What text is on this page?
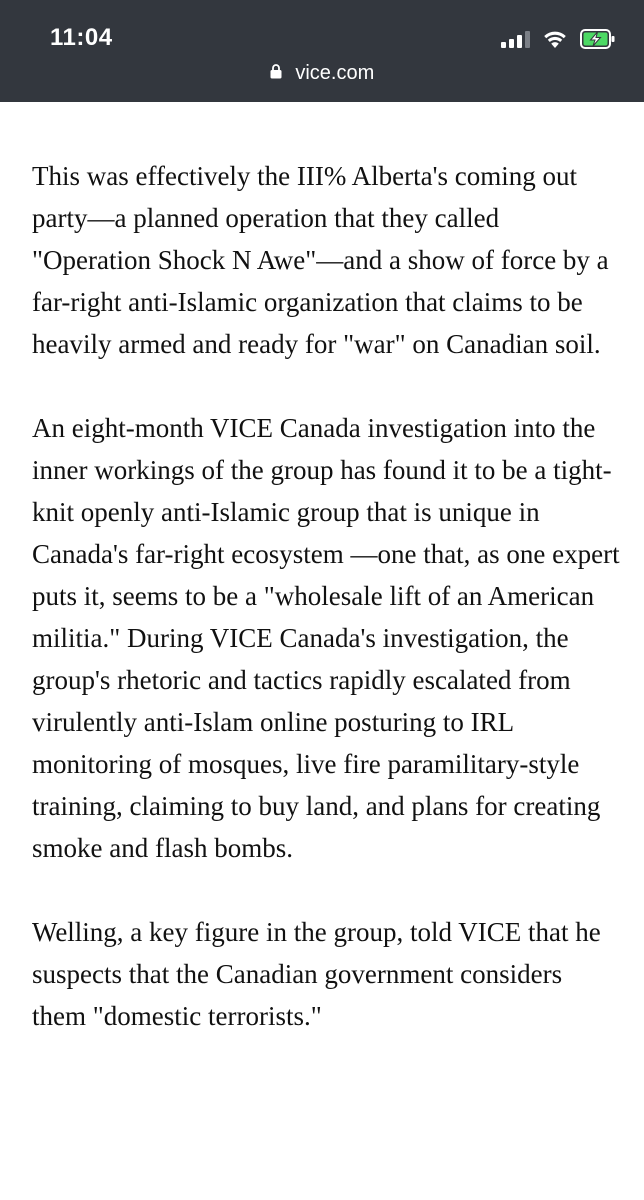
11:04
vice.com

This was effectively the III% Alberta's coming out party—a planned operation that they called "Operation Shock N Awe"—and a show of force by a far-right anti-Islamic organization that claims to be heavily armed and ready for "war" on Canadian soil.

An eight-month VICE Canada investigation into the inner workings of the group has found it to be a tight-knit openly anti-Islamic group that is unique in Canada's far-right ecosystem —one that, as one expert puts it, seems to be a "wholesale lift of an American militia." During VICE Canada's investigation, the group's rhetoric and tactics rapidly escalated from virulently anti-Islam online posturing to IRL monitoring of mosques, live fire paramilitary-style training, claiming to buy land, and plans for creating smoke and flash bombs.

Welling, a key figure in the group, told VICE that he suspects that the Canadian government considers them "domestic terrorists."
